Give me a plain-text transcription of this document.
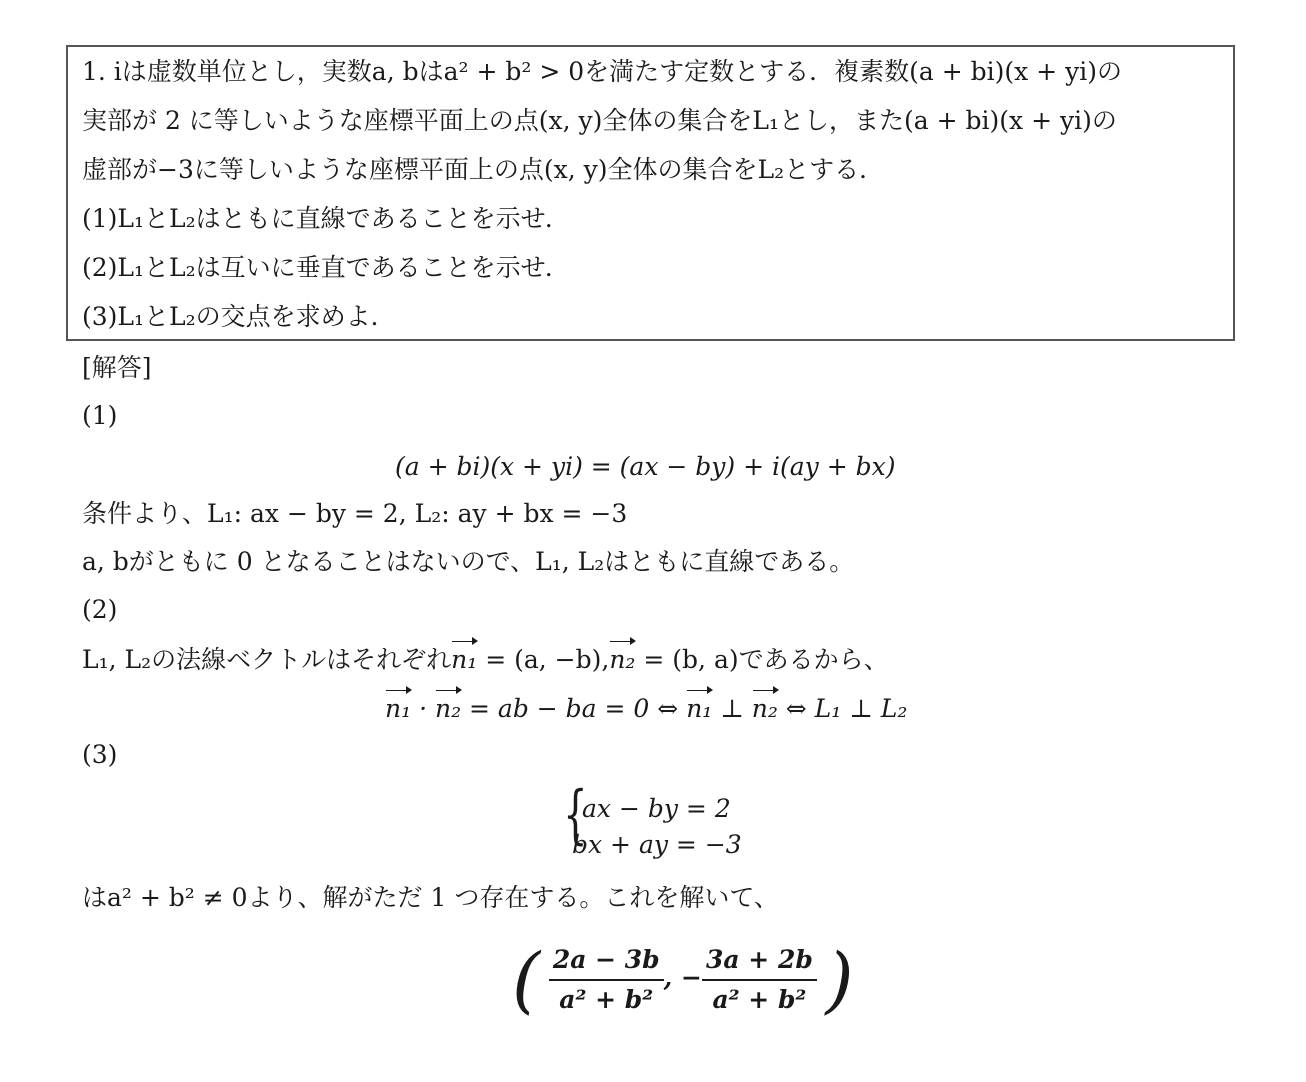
1. iは虚数単位とし，実数a, bはa² + b² > 0を満たす定数とする．複素数(a + bi)(x + yi)の
実部が 2 に等しいような座標平面上の点(x, y)全体の集合をL₁とし，また(a + bi)(x + yi)の
虚部が−3に等しいような座標平面上の点(x, y)全体の集合をL₂とする．
(1)L₁とL₂はともに直線であることを示せ．
(2)L₁とL₂は互いに垂直であることを示せ．
(3)L₁とL₂の交点を求めよ．
[解答]
(1)
(a + bi)(x + yi) = (ax − by) + i(ay + bx)
条件より、L₁: ax − by = 2, L₂: ay + bx = −3
a, bがともに 0 となることはないので、L₁, L₂はともに直線である。
(2)
L₁, L₂の法線ベクトルはそれぞれn₁ = (a, −b),n₂ = (b, a)であるから、
n₁ · n₂ = ab − ba = 0 ⇔ n₁ ⊥ n₂ ⇔ L₁ ⊥ L₂
(3)
{
ax − by = 2
bx + ay = −3
はa² + b² ≠ 0より、解がただ 1 つ存在する。これを解いて、
( $\frac{2a - 3b}{\text{a² + b²}}$ , − $\frac{3a + 2b}{\text{a² + b²}}$ )
